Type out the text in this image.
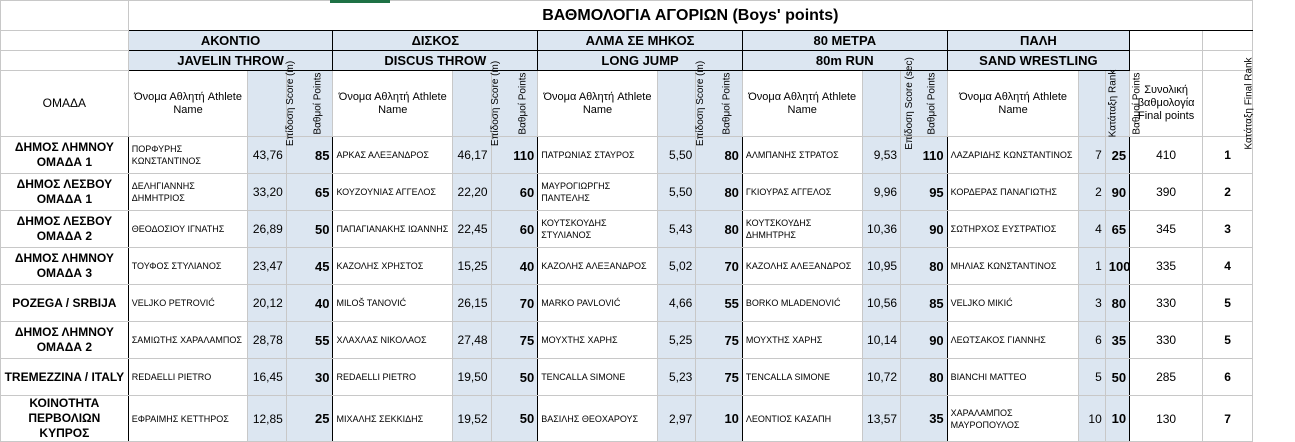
	ΒΑΘΜΟΛΟΓΙΑ ΑΓΟΡΙΩΝ (Boys' points)																
	ΑΚΟΝΤΙΟ			ΔΙΣΚΟΣ			ΑΛΜΑ ΣΕ ΜΗΚΟΣ			80 ΜΕΤΡΑ			ΠΑΛΗ				
	JAVELIN THROW			DISCUS THROW			LONG JUMP			80m RUN			SAND WRESTLING				
ΟΜΑΔΑ	Όνομα Αθλητή Athlete Name	Επίδοση Score (m)	Βαθμοί Points	Όνομα Αθλητή Athlete Name	Επίδοση Score (m)	Βαθμοί Points	Όνομα Αθλητή Athlete Name	Επίδοση Score (m)	Βαθμοί Points	Όνομα Αθλητή Athlete Name	Επίδοση Score (sec)	Βαθμοί Points	Όνομα Αθλητή Athlete Name	Κατάταξη Rank	Βαθμοί Points	Συνολική βαθμολογία Final points	Κατάταξη Final Rank
ΔΗΜΟΣ ΛΗΜΝΟΥ ΟΜΑΔΑ 1	ΠΟΡΦΥΡΗΣ ΚΩΝΣΤΑΝΤΙΝΟΣ	43,76	85	ΑΡΚΑΣ ΑΛΕΞΑΝΔΡΟΣ	46,17	110	ΠΑΤΡΩΝΙΑΣ ΣΤΑΥΡΟΣ	5,50	80	ΑΛΜΠΑΝΗΣ ΣΤΡΑΤΟΣ	9,53	110	ΛΑΖΑΡΙΔΗΣ ΚΩΝΣΤΑΝΤΙΝΟΣ	7	25	410	1
ΔΗΜΟΣ ΛΕΣΒΟΥ ΟΜΑΔΑ 1	ΔΕΛΗΓΙΑΝΝΗΣ ΔΗΜΗΤΡΙΟΣ	33,20	65	ΚΟΥΖΟΥΝΙΑΣ ΑΓΓΕΛΟΣ	22,20	60	ΜΑΥΡΟΓΙΩΡΓΗΣ ΠΑΝΤΕΛΗΣ	5,50	80	ΓΚΙΟΥΡΑΣ ΑΓΓΕΛΟΣ	9,96	95	ΚΟΡΔΕΡΑΣ ΠΑΝΑΓΙΩΤΗΣ	2	90	390	2
ΔΗΜΟΣ ΛΕΣΒΟΥ ΟΜΑΔΑ 2	ΘΕΟΔΟΣΙΟΥ ΙΓΝΑΤΗΣ	26,89	50	ΠΑΠΑΓΙΑΝΑΚΗΣ ΙΩΑΝΝΗΣ	22,45	60	ΚΟΥΤΣΚΟΥΔΗΣ ΣΤΥΛΙΑΝΟΣ	5,43	80	ΚΟΥΤΣΚΟΥΔΗΣ ΔΗΜΗΤΡΗΣ	10,36	90	ΣΩΤΗΡΧΟΣ ΕΥΣΤΡΑΤΙΟΣ	4	65	345	3
ΔΗΜΟΣ ΛΗΜΝΟΥ ΟΜΑΔΑ 3	ΤΟΥΦΟΣ ΣΤΥΛΙΑΝΟΣ	23,47	45	ΚΑΖΟΛΗΣ ΧΡΗΣΤΟΣ	15,25	40	ΚΑΖΟΛΗΣ ΑΛΕΞΑΝΔΡΟΣ	5,02	70	ΚΑΖΟΛΗΣ ΑΛΕΞΑΝΔΡΟΣ	10,95	80	ΜΗΛΙΑΣ ΚΩΝΣΤΑΝΤΙΝΟΣ	1	100	335	4
POZEGA / SRBIJA	VELJKO PETROVIĆ	20,12	40	MILOŠ TANOVIĆ	26,15	70	MARKO PAVLOVIĆ	4,66	55	BORKO MLADENOVIĆ	10,56	85	VELJKO MIKIĆ	3	80	330	5
ΔΗΜΟΣ ΛΗΜΝΟΥ ΟΜΑΔΑ 2	ΣΑΜΙΩΤΗΣ ΧΑΡΑΛΑΜΠΟΣ	28,78	55	ΧΛΑΧΛΑΣ ΝΙΚΟΛΑΟΣ	27,48	75	ΜΟΥΧΤΗΣ ΧΑΡΗΣ	5,25	75	ΜΟΥΧΤΗΣ ΧΑΡΗΣ	10,14	90	ΛΕΩΤΣΑΚΟΣ ΓΙΑΝΝΗΣ	6	35	330	5
TREMEZZINA / ITALY	REDAELLI PIETRO	16,45	30	REDAELLI PIETRO	19,50	50	TENCALLA SIMONE	5,23	75	TENCALLA SIMONE	10,72	80	BIANCHI MATTEO	5	50	285	6
ΚΟΙΝΟΤΗΤΑ ΠΕΡΒΟΛΙΩΝ ΚΥΠΡΟΣ	ΕΦΡΑΙΜΗΣ ΚΕΤΤΗΡΟΣ	12,85	25	ΜΙΧΑΛΗΣ ΣΕΚΚΙΔΗΣ	19,52	50	ΒΑΣΙΛΗΣ ΘΕΟΧΑΡΟΥΣ	2,97	10	ΛΕΟΝΤΙΟΣ ΚΑΣΑΠΗ	13,57	35	ΧΑΡΑΛΑΜΠΟΣ ΜΑΥΡΟΠΟΥΛΟΣ	10	10	130	7
